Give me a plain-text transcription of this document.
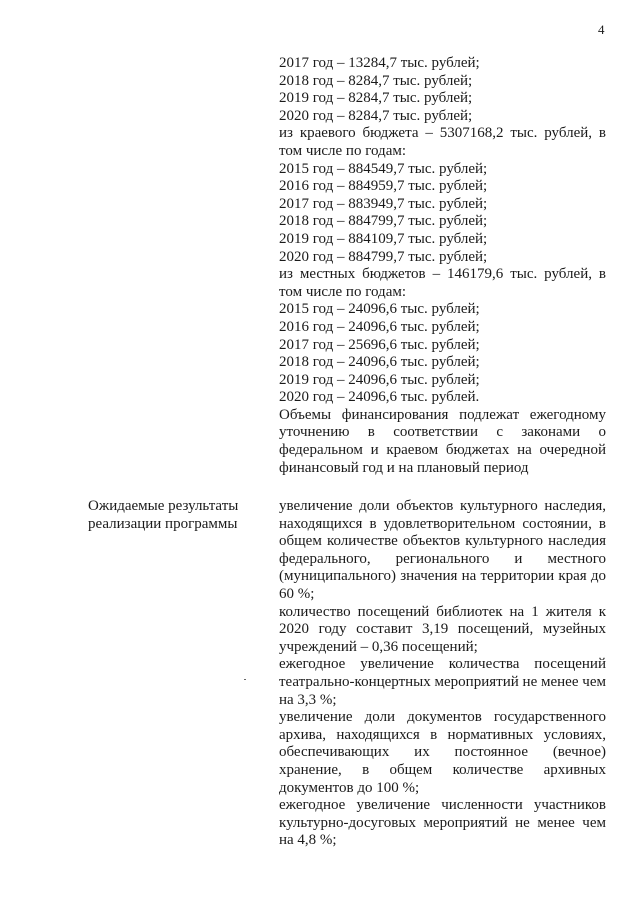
4

2017 год – 13284,7 тыс. рублей;

2018 год – 8284,7 тыс. рублей;

2019 год – 8284,7 тыс. рублей;

2020 год – 8284,7 тыс. рублей;

из краевого бюджета – 5307168,2 тыс. рублей, в том числе по годам:

2015 год – 884549,7 тыс. рублей;

2016 год – 884959,7 тыс. рублей;

2017 год – 883949,7 тыс. рублей;

2018 год – 884799,7 тыс. рублей;

2019 год – 884109,7 тыс. рублей;

2020 год – 884799,7 тыс. рублей;

из местных бюджетов – 146179,6 тыс. рублей, в том числе по годам:

2015 год – 24096,6 тыс. рублей;

2016 год – 24096,6 тыс. рублей;

2017 год – 25696,6 тыс. рублей;

2018 год – 24096,6 тыс. рублей;

2019 год – 24096,6 тыс. рублей;

2020 год – 24096,6 тыс. рублей.

Объемы финансирования подлежат ежегодному уточнению в соответствии с законами о федеральном и краевом бюджетах на очередной финансовый год и на плановый период

Ожидаемые результаты реализации программы

увеличение доли объектов культурного наследия, находящихся в удовлетворительном состоянии, в общем количестве объектов культурного наследия федерального, регионального и местного (муниципального) значения на территории края до 60 %;

количество посещений библиотек на 1 жителя к 2020 году составит 3,19 посещений, музейных учреждений – 0,36 посещений;

ежегодное увеличение количества посещений театрально-концертных мероприятий не менее чем на 3,3 %;

увеличение доли документов государственного архива, находящихся в нормативных условиях, обеспечивающих их постоянное (вечное) хранение, в общем количестве архивных документов до 100 %;

ежегодное увеличение численности участников культурно-досуговых мероприятий не менее чем на 4,8 %;
